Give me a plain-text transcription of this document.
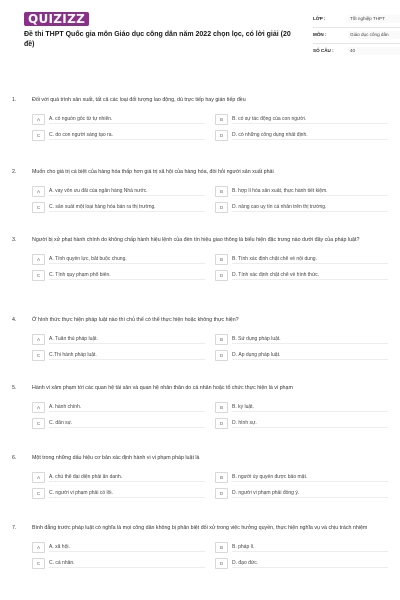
QUIZIZZ
Đề thi THPT Quốc gia môn Giáo dục công dân năm 2022 chọn lọc, có lời giải (20 đề)
LỚP :	Tốt nghiệp THPT
MÔN :	Giáo dục công dân
SỐ CÂU :	40
1.	Đối với quá trình sản xuất, tất cả các loại đối tượng lao động, dù trực tiếp hay gián tiếp đều
A	A. có nguồn gốc từ tự nhiên.	B	B. có sự tác động của con người.
C	C. do con người sáng tạo ra.	D	D. có những công dụng nhất định.
2.	Muốn cho giá trị cá biệt của hàng hóa thấp hơn giá trị xã hội của hàng hóa, đòi hỏi người sản xuất phải
A	A. vay vốn ưu đãi của ngân hàng Nhà nước.	B	B. hợp lí hóa sản xuất, thực hành tiết kiệm.
C	C. sản xuất một loại hàng hóa bán ra thị trường.	D	D. nâng cao uy tín cá nhân trên thị trường.
3.	Người bị xử phạt hành chính do không chấp hành hiệu lệnh của đèn tín hiệu giao thông là biểu hiện đặc trưng nào dưới đây của pháp luật?
A	A. Tính quyền lực, bắt buộc chung.	B	B. Tính xác định chặt chẽ về nội dung.
C	C. Tính quy phạm phổ biến.	D	D. Tính xác định chặt chẽ về hình thức.
4.	Ở hình thức thực hiện pháp luật nào thì chủ thể có thể thực hiện hoặc không thực hiện?
A	A. Tuân thủ pháp luật.	B	B. Sử dụng pháp luật.
C	C.Thi hành pháp luật.	D	D. Áp dụng pháp luật.
5.	Hành vi xâm phạm tới các quan hệ tài sản và quan hệ nhân thân do cá nhân hoặc tổ chức thực hiện là vi phạm
A	A. hành chính.	B	B. kỷ luật.
C	C. dân sự.	D	D. hình sự.
6.	Một trong những dấu hiệu cơ bản xác định hành vi vi phạm pháp luật là
A	A. chủ thể đại diện phải ẩn danh.	B	B. người ủy quyền được bảo mật.
C	C. người vi phạm phải có lỗi.	D	D. người vi phạm phải đồng ý.
7.	Bình đẳng trước pháp luật có nghĩa là mọi công dân không bị phân biệt đối xử trong việc hưởng quyền, thực hiện nghĩa vụ và chịu trách nhiệm
A	A. xã hội.	B	B. pháp lí.
C	C. cá nhân.	D	D. đạo đức.
